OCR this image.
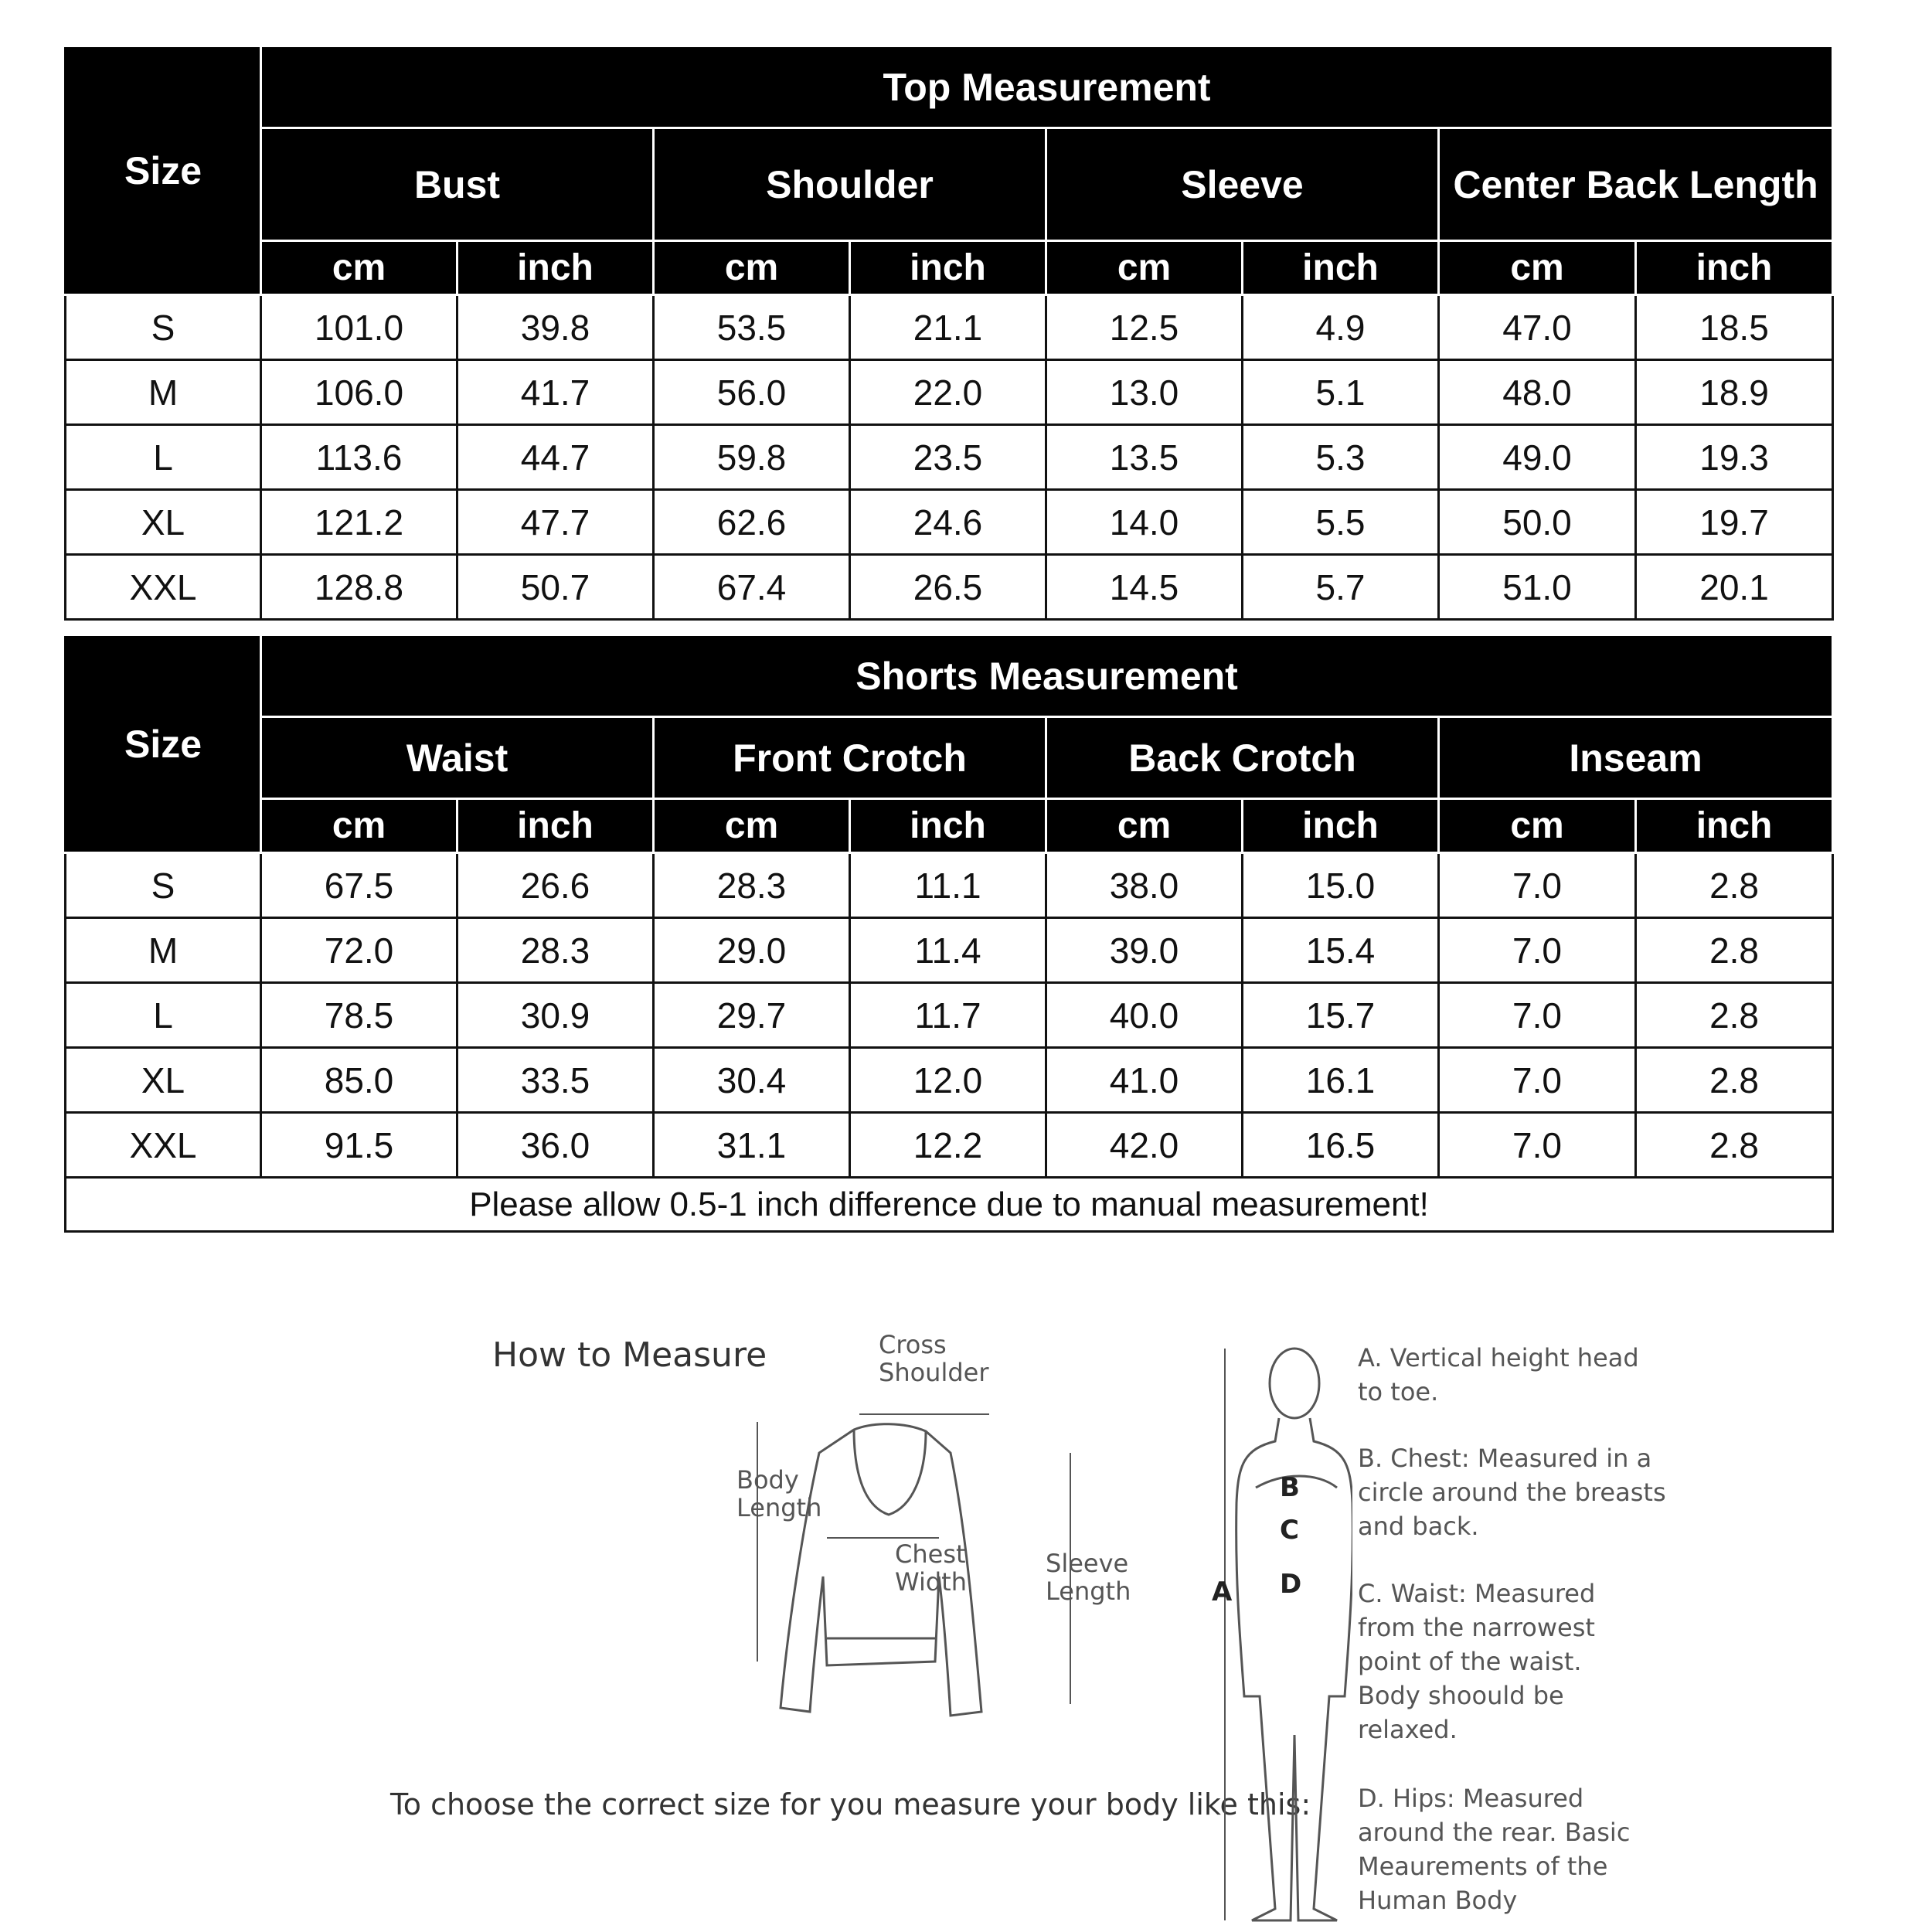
Size	Top Measurement							
	Bust		Shoulder		Sleeve		Center Back Length	
	cm	inch	cm	inch	cm	inch	cm	inch
S	101.0	39.8	53.5	21.1	12.5	4.9	47.0	18.5
M	106.0	41.7	56.0	22.0	13.0	5.1	48.0	18.9
L	113.6	44.7	59.8	23.5	13.5	5.3	49.0	19.3
XL	121.2	47.7	62.6	24.6	14.0	5.5	50.0	19.7
XXL	128.8	50.7	67.4	26.5	14.5	5.7	51.0	20.1
Size	Shorts Measurement							
	Waist		Front Crotch		Back Crotch		Inseam	
	cm	inch	cm	inch	cm	inch	cm	inch
S	67.5	26.6	28.3	11.1	38.0	15.0	7.0	2.8
M	72.0	28.3	29.0	11.4	39.0	15.4	7.0	2.8
L	78.5	30.9	29.7	11.7	40.0	15.7	7.0	2.8
XL	85.0	33.5	30.4	12.0	41.0	16.1	7.0	2.8
XXL	91.5	36.0	31.1	12.2	42.0	16.5	7.0	2.8
Please allow 0.5-1 inch difference due to manual measurement!								
How to Measure	Cross
Shoulder
Body
Length
Chest
Width
Sleeve
Length
To choose the correct size for you measure your body like this:
A
B
C
D
A. Vertical height head to toe.
B. Chest: Measured in a circle around the breasts and back.
C. Waist: Measured from the narrowest point of the waist. Body shoould be relaxed.
D. Hips: Measured around the rear. Basic Meaurements of the Human Body
